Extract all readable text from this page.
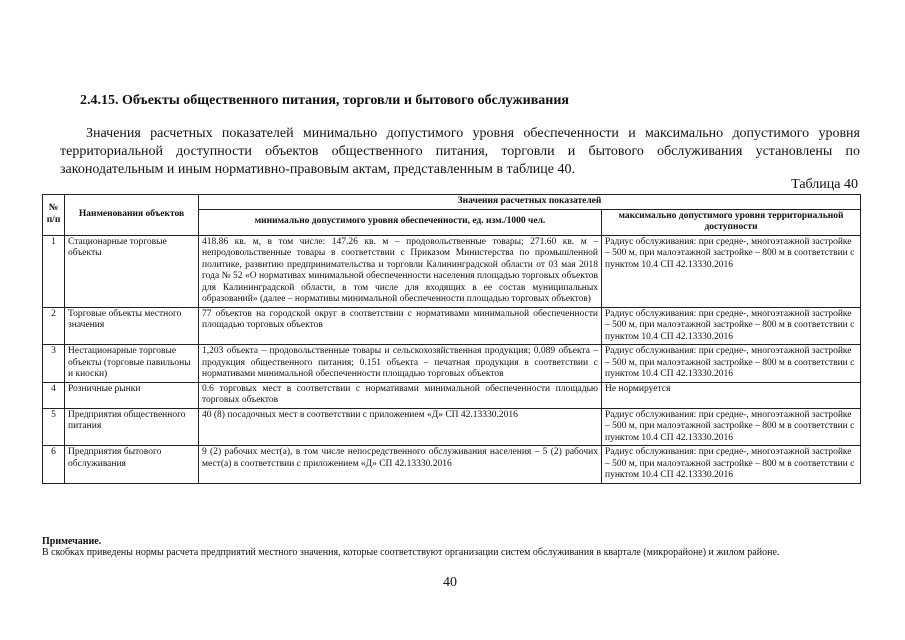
2.4.15. Объекты общественного питания, торговли и бытового обслуживания
Значения расчетных показателей минимально допустимого уровня обеспеченности и максимально допустимого уровня территориальной доступности объектов общественного питания, торговли и бытового обслуживания установлены по законодательным и иным нормативно-правовым актам, представленным в таблице 40.
Таблица 40
№ п/п	Наименования объектов	Значения расчетных показателей	
		минимально допустимого уровня обеспеченности, ед. изм./1000 чел.	максимально допустимого уровня территориальной доступности
1	Стационарные торговые объекты	418.86 кв. м, в том числе: 147.26 кв. м – продовольственные товары; 271.60 кв. м – непродовольственные товары в соответствии с Приказом Министерства по промышленной политике, развитию предпринимательства и торговли Калининградской области от 03 мая 2018 года № 52 «О нормативах минимальной обеспеченности населения площадью торговых объектов для Калининградской области, в том числе для входящих в ее состав муниципальных образований» (далее – нормативы минимальной обеспеченности площадью торговых объектов)	Радиус обслуживания: при средне-, многоэтажной застройке – 500 м, при малоэтажной застройке – 800 м в соответствии с пунктом 10.4 СП 42.13330.2016
2	Торговые объекты местного значения	77 объектов на городской округ в соответствии с нормативами минимальной обеспеченности площадью торговых объектов	Радиус обслуживания: при средне-, многоэтажной застройке – 500 м, при малоэтажной застройке – 800 м в соответствии с пунктом 10.4 СП 42.13330.2016
3	Нестационарные торговые объекты (торговые павильоны и киоски)	1,203 объекта – продовольственные товары и сельскохозяйственная продукция; 0.089 объекта – продукция общественного питания; 0.151 объекта – печатная продукция в соответствии с нормативами минимальной обеспеченности площадью торговых объектов	Радиус обслуживания: при средне-, многоэтажной застройке – 500 м, при малоэтажной застройке – 800 м в соответствии с пунктом 10.4 СП 42.13330.2016
4	Розничные рынки	0.6 торговых мест в соответствии с нормативами минимальной обеспеченности площадью торговых объектов	Не нормируется
5	Предприятия общественного питания	40 (8) посадочных мест в соответствии с приложением «Д» СП 42.13330.2016	Радиус обслуживания: при средне-, многоэтажной застройке – 500 м, при малоэтажной застройке – 800 м в соответствии с пунктом 10.4 СП 42.13330.2016
6	Предприятия бытового обслуживания	9 (2) рабочих мест(а), в том числе непосредственного обслуживания населения – 5 (2) рабочих мест(а) в соответствии с приложением «Д» СП 42.13330.2016	Радиус обслуживания: при средне-, многоэтажной застройке – 500 м, при малоэтажной застройке – 800 м в соответствии с пунктом 10.4 СП 42.13330.2016
Примечание.
В скобках приведены нормы расчета предприятий местного значения, которые соответствуют организации систем обслуживания в квартале (микрорайоне) и жилом районе.
40
